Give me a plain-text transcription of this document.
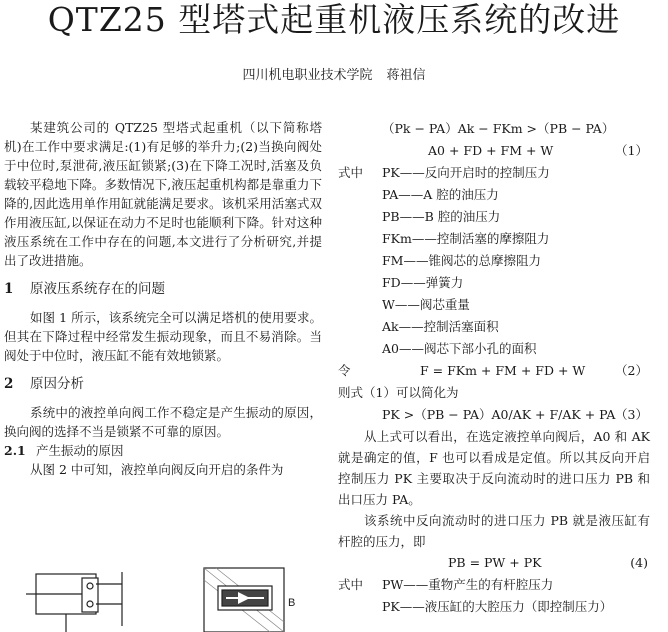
QTZ25 型塔式起重机液压系统的改进
四川机电职业技术学院 蒋祖信

某建筑公司的 QTZ25 型塔式起重机（以下简称塔机)在工作中要求满足:(1)有足够的举升力;(2)当换向阀处于中位时,泵泄荷,液压缸锁紧;(3)在下降工况时,活塞及负载较平稳地下降。多数情况下,液压起重机构都是靠重力下降的,因此选用单作用缸就能满足要求。该机采用活塞式双作用液压缸,以保证在动力不足时也能顺利下降。针对这种液压系统在工作中存在的问题,本文进行了分析研究,并提出了改进措施。

1 原液压系统存在的问题

如图 1 所示，该系统完全可以满足塔机的使用要求。但其在下降过程中经常发生振动现象，而且不易消除。当阀处于中位时，液压缸不能有效地锁紧。

2 原因分析

系统中的液控单向阀工作不稳定是产生振动的原因，换向阀的选择不当是锁紧不可靠的原因。

2.1 产生振动的原因

从图 2 中可知，液控单向阀反向开启的条件为

B
（Pk − PA）Ak − FKm >（PB − PA）
A0 + FD + FM + W	（1）
式中 PK——反向开启时的控制压力
PA——A 腔的油压力
PB——B 腔的油压力
FKm——控制活塞的摩擦阻力
FM——锥阀芯的总摩擦阻力
FD——弹簧力
W——阀芯重量
Ak——控制活塞面积
A0——阀芯下部小孔的面积
令	F = FKm + FM + FD + W （2）
则式（1）可以简化为
PK >（PB − PA）A0/AK + F/AK + PA （3）

从上式可以看出，在选定液控单向阀后，A0 和 AK 就是确定的值，F 也可以看成是定值。所以其反向开启控制压力 PK 主要取决于反向流动时的进口压力 PB 和出口压力 PA。

该系统中反向流动时的进口压力 PB 就是液压缸有杆腔的压力，即

PB = PW + PK	(4)
式中 PW——重物产生的有杆腔压力
PK——液压缸的大腔压力（即控制压力）
